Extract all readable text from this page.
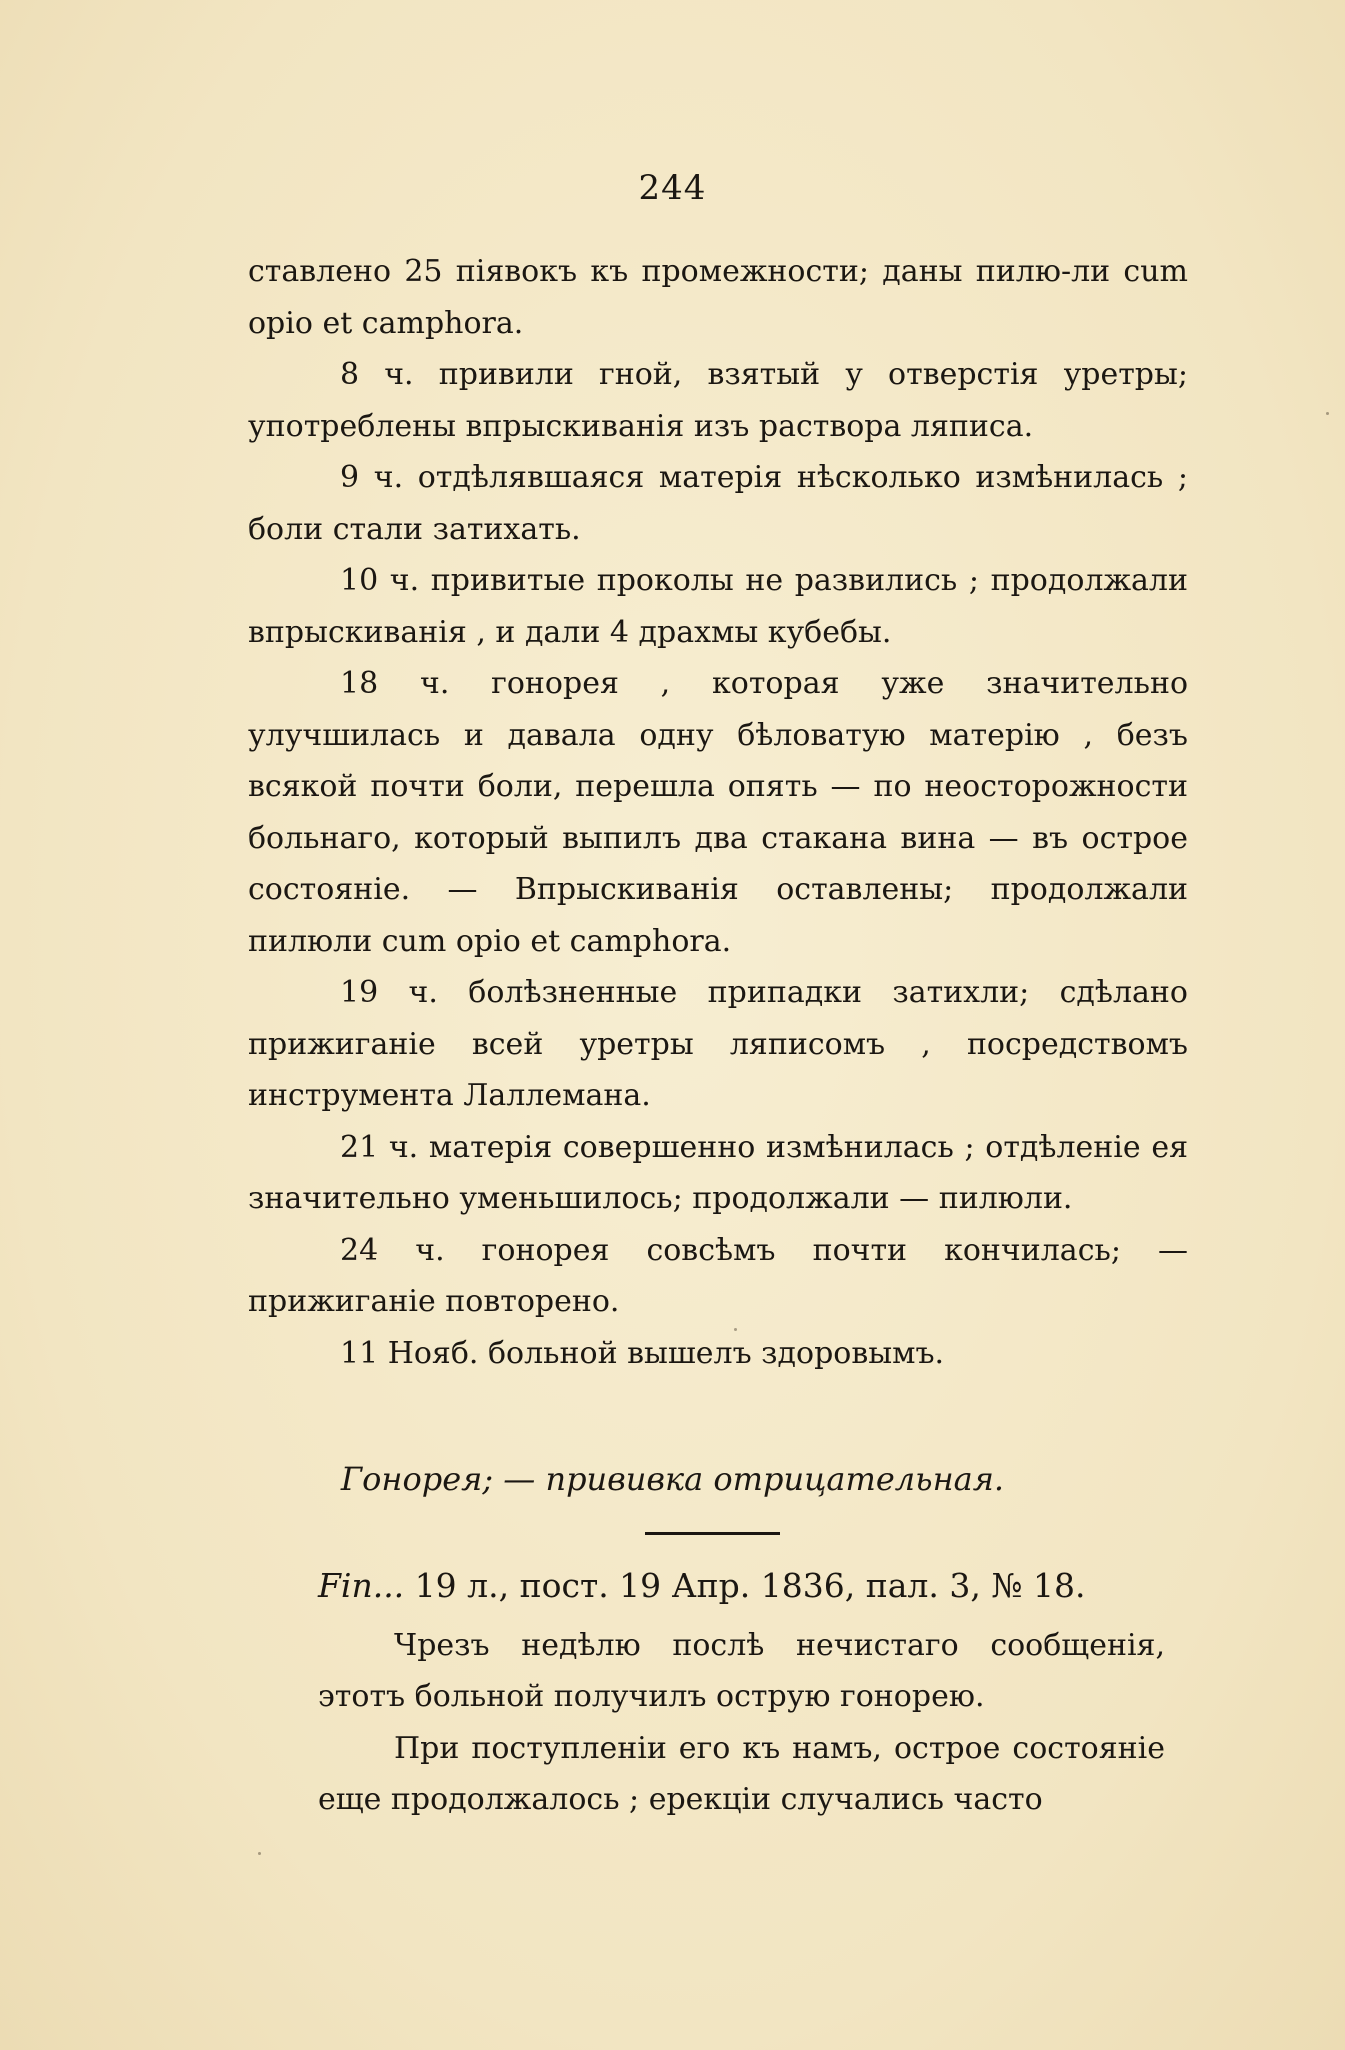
244

ставлено 25 пiявокъ къ промежности; даны пилю-ли cum opio et camphora.

8 ч. привили гной, взятый у отверстiя уретры; употреблены впрыскиванiя изъ раствора ляписа.

9 ч. отдѣлявшаяся матерiя нѣсколько измѣнилась ; боли стали затихать.

10 ч. привитые проколы не развились ; продолжали впрыскиванiя , и дали 4 драхмы кубебы.

18 ч. гонорея , которая уже значительно улучшилась и давала одну бѣловатую матерiю , безъ всякой почти боли, перешла опять — по неосторожности больнаго, который выпилъ два стакана вина — въ острое состоянiе. — Впрыскиванiя оставлены; продолжали пилюли cum opio et camphora.

19 ч. болѣзненные припадки затихли; сдѣлано прижиганiе всей уретры ляписомъ , посредствомъ инструмента Лаллемана.

21 ч. матерiя совершенно измѣнилась ; отдѣленiе ея значительно уменьшилось; продолжали — пилюли.

24 ч. гонорея совсѣмъ почти кончилась; — прижиганiе повторено.

11 Нояб. больной вышелъ здоровымъ.

Гонорея; — прививка отрицательная.
Fin... 19 л., пост. 19 Апр. 1836, пал. 3, № 18.

Чрезъ недѣлю послѣ нечистаго сообщенiя, этотъ больной получилъ острую гонорею.

При поступленiи его къ намъ, острое состоянiе еще продолжалось ; ерекцiи случались часто
